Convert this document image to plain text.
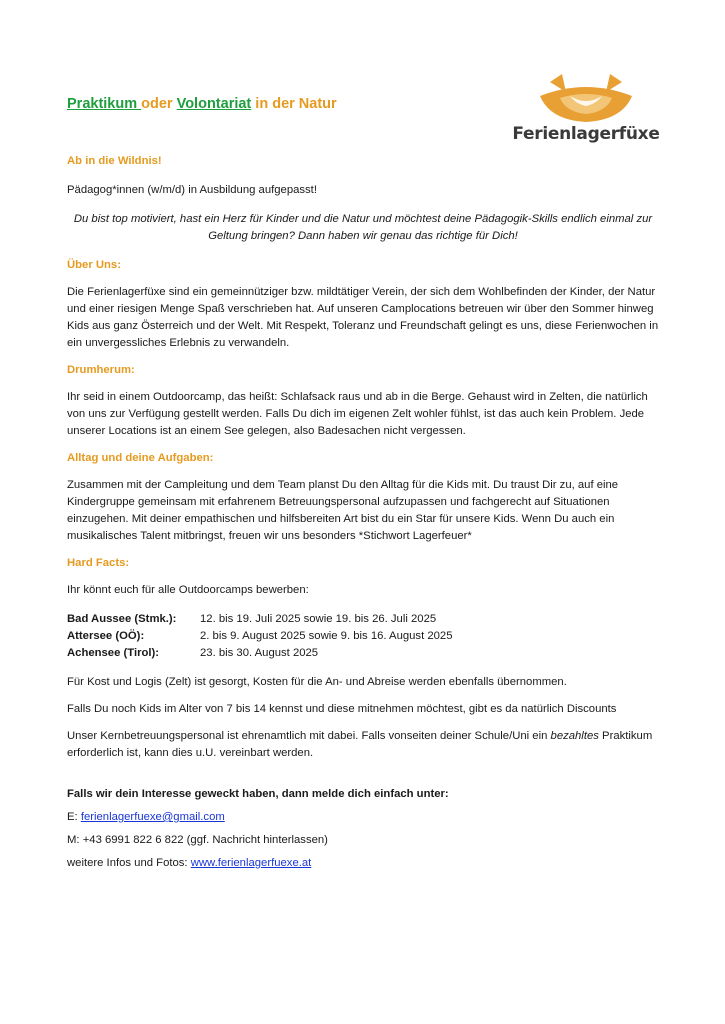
Praktikum oder Volontariat in der Natur
Ferienlagerfüxe
Ab in die Wildnis!

Pädagog*innen (w/m/d) in Ausbildung aufgepasst!

Du bist top motiviert, hast ein Herz für Kinder und die Natur und möchtest deine Pädagogik-Skills endlich einmal zur Geltung bringen? Dann haben wir genau das richtige für Dich!

Über Uns:

Die Ferienlagerfüxe sind ein gemeinnütziger bzw. mildtätiger Verein, der sich dem Wohlbefinden der Kinder, der Natur und einer riesigen Menge Spaß verschrieben hat. Auf unseren Camplocations betreuen wir über den Sommer hinweg Kids aus ganz Österreich und der Welt. Mit Respekt, Toleranz und Freundschaft gelingt es uns, diese Ferienwochen in ein unvergessliches Erlebnis zu verwandeln.

Drumherum:

Ihr seid in einem Outdoorcamp, das heißt: Schlafsack raus und ab in die Berge. Gehaust wird in Zelten, die natürlich von uns zur Verfügung gestellt werden. Falls Du dich im eigenen Zelt wohler fühlst, ist das auch kein Problem. Jede unserer Locations ist an einem See gelegen, also Badesachen nicht vergessen.

Alltag und deine Aufgaben:

Zusammen mit der Campleitung und dem Team planst Du den Alltag für die Kids mit. Du traust Dir zu, auf eine Kindergruppe gemeinsam mit erfahrenem Betreuungspersonal aufzupassen und fachgerecht auf Situationen einzugehen. Mit deiner empathischen und hilfsbereiten Art bist du ein Star für unsere Kids. Wenn Du auch ein musikalisches Talent mitbringst, freuen wir uns besonders *Stichwort Lagerfeuer*

Hard Facts:

Ihr könnt euch für alle Outdoorcamps bewerben:

Bad Aussee (Stmk.):	12. bis 19. Juli 2025 sowie 19. bis 26. Juli 2025
Attersee (OÖ):	2. bis 9. August 2025 sowie 9. bis 16. August 2025
Achensee (Tirol):	23. bis 30. August 2025

Für Kost und Logis (Zelt) ist gesorgt, Kosten für die An- und Abreise werden ebenfalls übernommen.

Falls Du noch Kids im Alter von 7 bis 14 kennst und diese mitnehmen möchtest, gibt es da natürlich Discounts

Unser Kernbetreuungspersonal ist ehrenamtlich mit dabei. Falls vonseiten deiner Schule/Uni ein bezahltes Praktikum erforderlich ist, kann dies u.U. vereinbart werden.

Falls wir dein Interesse geweckt haben, dann melde dich einfach unter:

E: ferienlagerfuexe@gmail.com

M: +43 6991 822 6 822 (ggf. Nachricht hinterlassen)

weitere Infos und Fotos: www.ferienlagerfuexe.at
